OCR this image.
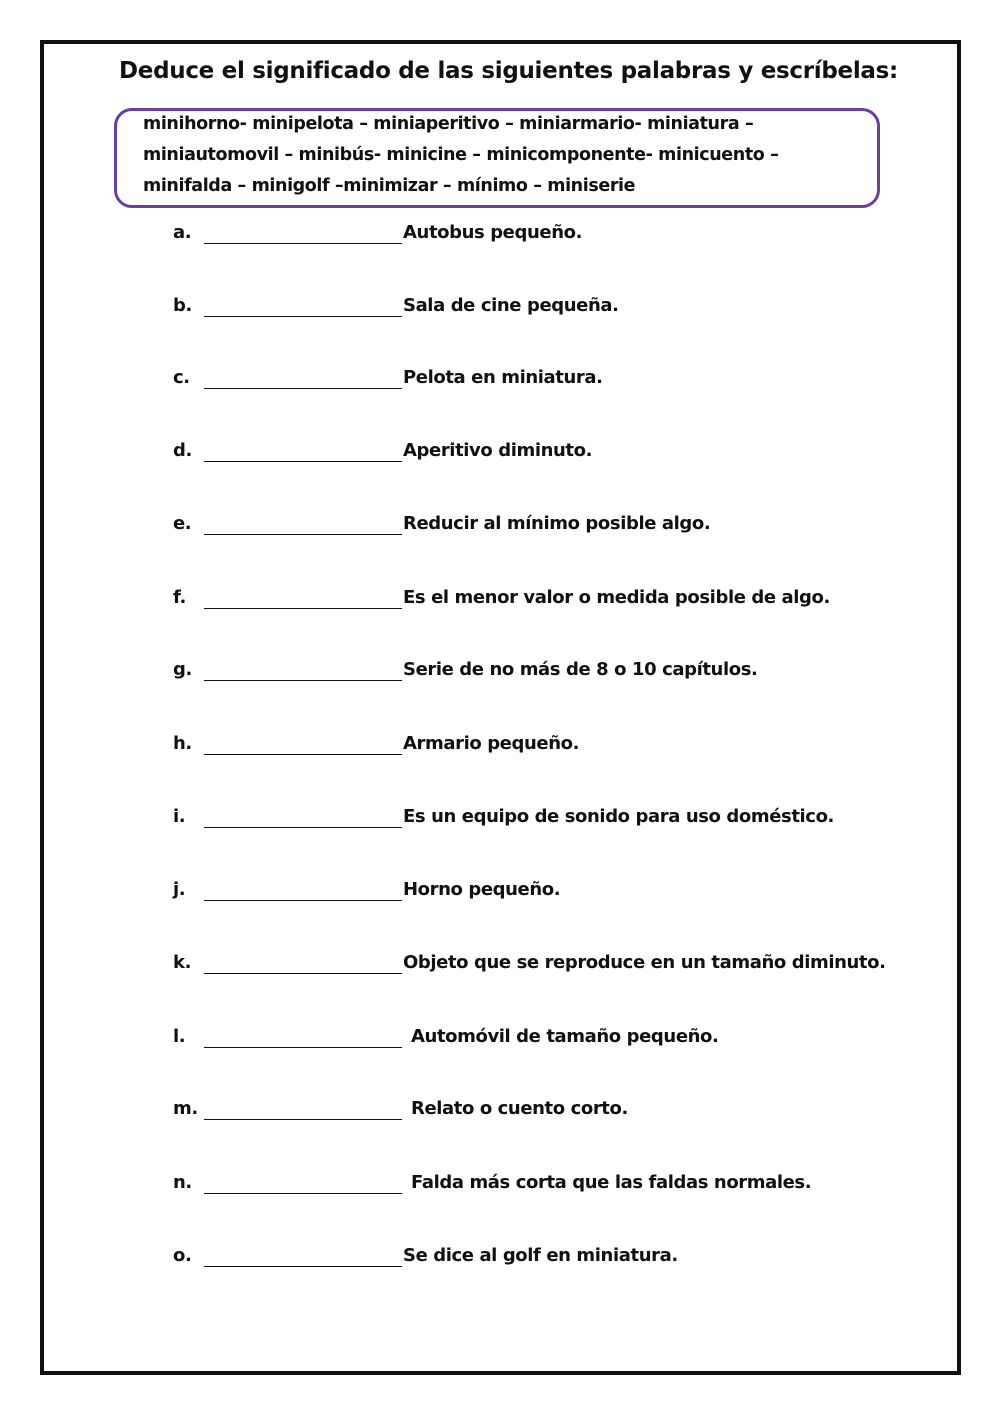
Deduce el significado de las siguientes palabras y escríbelas:
minihorno- minipelota – miniaperitivo – miniarmario- miniatura –
miniautomovil – minibús- minicine – minicomponente- minicuento –
minifalda – minigolf –minimizar – mínimo – miniserie
a.	Autobus pequeño.
b.	Sala de cine pequeña.
c.	Pelota en miniatura.
d.	Aperitivo diminuto.
e.	Reducir al mínimo posible algo.
f.	Es el menor valor o medida posible de algo.
g.	Serie de no más de 8 o 10 capítulos.
h.	Armario pequeño.
i.	Es un equipo de sonido para uso doméstico.
j.	Horno pequeño.
k.	Objeto que se reproduce en un tamaño diminuto.
l.	Automóvil de tamaño pequeño.
m.	Relato o cuento corto.
n.	Falda más corta que las faldas normales.
o.	Se dice al golf en miniatura.
